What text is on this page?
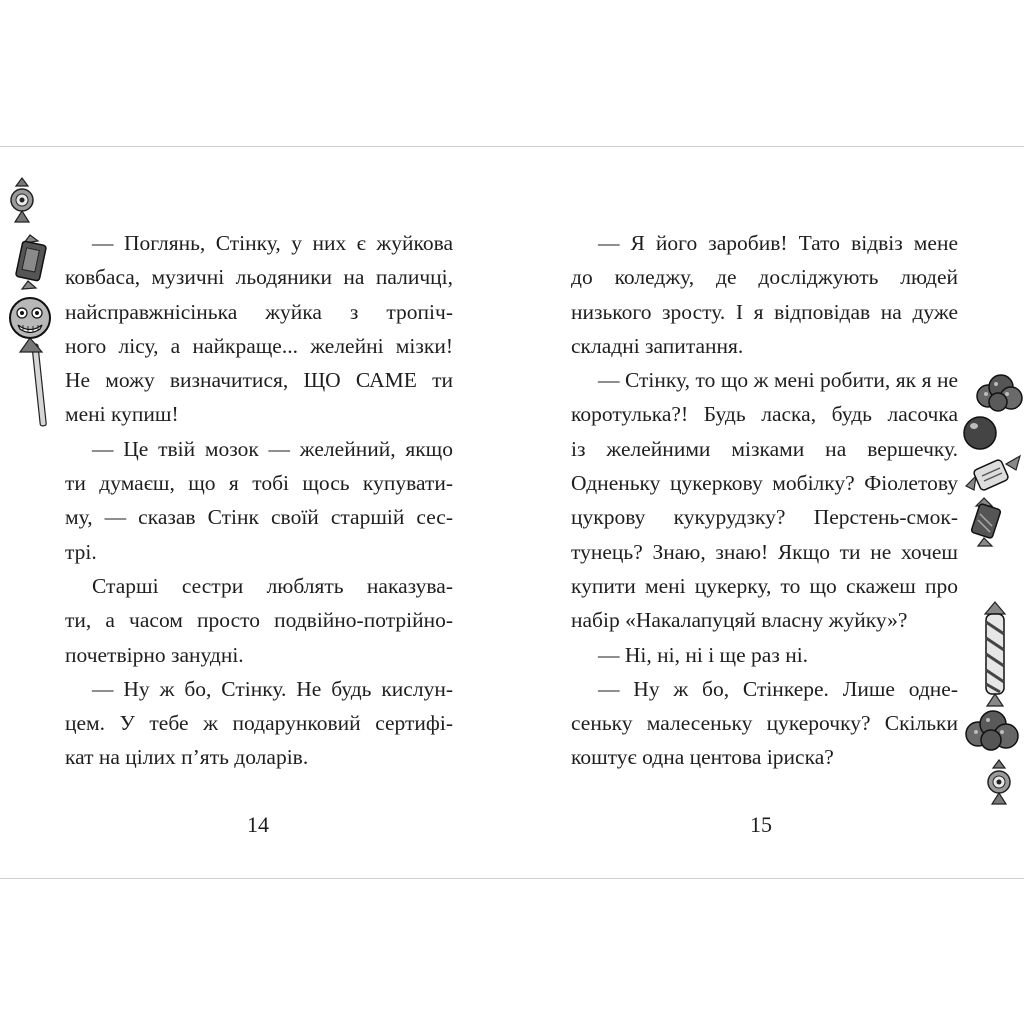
— Поглянь, Стінку, у них є жуйкова
ковбаса, музичні льодяники на паличці,
найсправжнісінька жуйка з тропіч-
ного лісу, а найкраще... желейні мізки!
Не можу визначитися, ЩО САМЕ ти
мені купиш!
— Це твій мозок — желейний, якщо
ти думаєш, що я тобі щось купувати-
му, — сказав Стінк своїй старшій сес-
трі.
Старші сестри люблять наказува-
ти, а часом просто подвійно-потрійно-
почетвірно занудні.
— Ну ж бо, Стінку. Не будь кислун-
цем. У тебе ж подарунковий сертифі-
кат на цілих п’ять доларів.
— Я його заробив! Тато відвіз мене
до коледжу, де досліджують людей
низького зросту. І я відповідав на дуже
складні запитання.
— Стінку, то що ж мені робити, як я не
коротулька?! Будь ласка, будь ласочка
із желейними мізками на вершечку.
Одненьку цукеркову мобілку? Фіолетову
цукрову кукурудзку? Перстень-смок-
тунець? Знаю, знаю! Якщо ти не хочеш
купити мені цукерку, то що скажеш про
набір «Накалапуцяй власну жуйку»?
— Ні, ні, ні і ще раз ні.
— Ну ж бо, Стінкере. Лише одне-
сеньку малесеньку цукерочку? Скільки
коштує одна центова іриска?
14	15
